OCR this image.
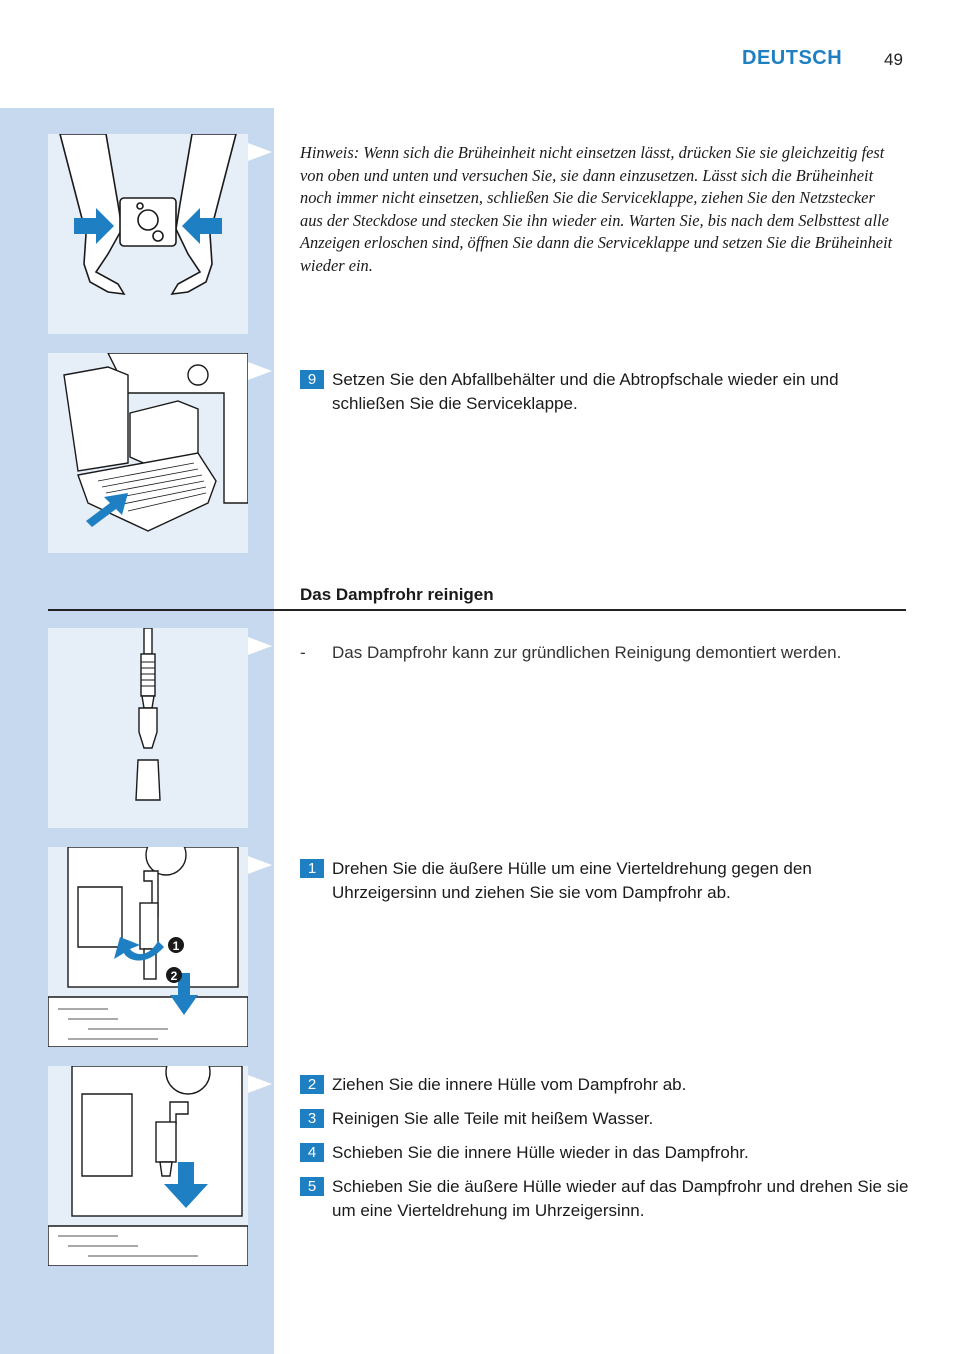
DEUTSCH 49
1
2
Hinweis: Wenn sich die Brüheinheit nicht einsetzen lässt, drücken Sie sie gleichzeitig fest von oben und unten und versuchen Sie, sie dann einzusetzen. Lässt sich die Brüheinheit noch immer nicht einsetzen, schließen Sie die Serviceklappe, ziehen Sie den Netzstecker aus der Steckdose und stecken Sie ihn wieder ein. Warten Sie, bis nach dem Selbsttest alle Anzeigen erloschen sind, öffnen Sie dann die Serviceklappe und setzen Sie die Brüheinheit wieder ein.
9 Setzen Sie den Abfallbehälter und die Abtropfschale wieder ein und schließen Sie die Serviceklappe.
Das Dampfrohr reinigen
- Das Dampfrohr kann zur gründlichen Reinigung demontiert werden.
1 Drehen Sie die äußere Hülle um eine Vierteldrehung gegen den Uhrzeigersinn und ziehen Sie sie vom Dampfrohr ab.
2 Ziehen Sie die innere Hülle vom Dampfrohr ab.
3 Reinigen Sie alle Teile mit heißem Wasser.
4 Schieben Sie die innere Hülle wieder in das Dampfrohr.
5 Schieben Sie die äußere Hülle wieder auf das Dampfrohr und drehen Sie sie um eine Vierteldrehung im Uhrzeigersinn.
